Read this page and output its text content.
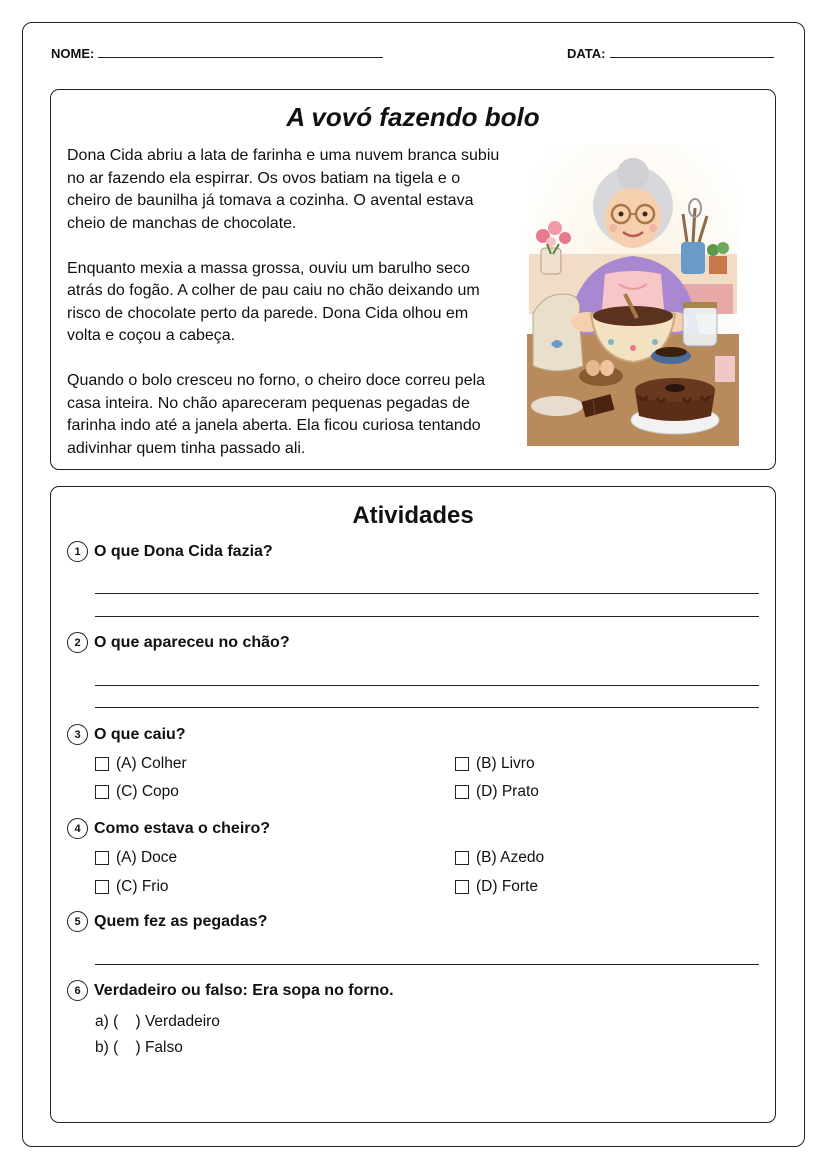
NOME:	DATA:
A vovó fazendo bolo

Dona Cida abriu a lata de farinha e uma nuvem branca subiu no ar fazendo ela espirrar. Os ovos batiam na tigela e o cheiro de baunilha já tomava a cozinha. O avental estava cheio de manchas de chocolate.

Enquanto mexia a massa grossa, ouviu um barulho seco atrás do fogão. A colher de pau caiu no chão deixando um risco de chocolate perto da parede. Dona Cida olhou em volta e coçou a cabeça.

Quando o bolo cresceu no forno, o cheiro doce correu pela casa inteira. No chão apareceram pequenas pegadas de farinha indo até a janela aberta. Ela ficou curiosa tentando adivinhar quem tinha passado ali.

Atividades
1 O que Dona Cida fazia?
2 O que apareceu no chão?
3 O que caiu?
(A) Colher	(B) Livro
(C) Copo	(D) Prato
4 Como estava o cheiro?
(A) Doce	(B) Azedo
(C) Frio	(D) Forte
5 Quem fez as pegadas?
6 Verdadeiro ou falso: Era sopa no forno.
a) (    ) Verdadeiro
b) (    ) Falso
